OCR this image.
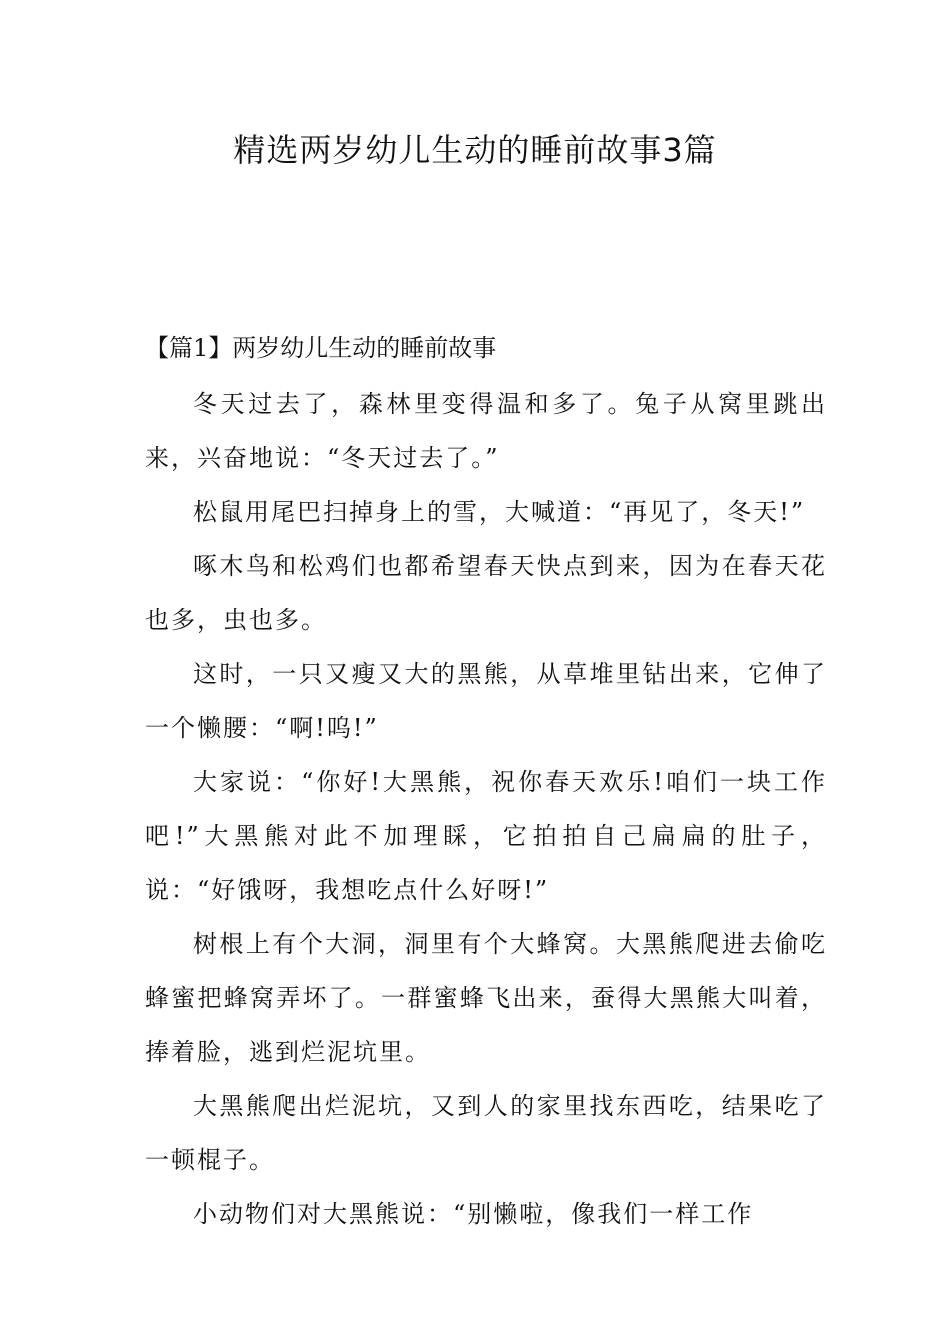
精选两岁幼儿生动的睡前故事3篇
【篇1】两岁幼儿生动的睡前故事

冬天过去了，森林里变得温和多了。兔子从窝里跳出来，兴奋地说：“冬天过去了。”

松鼠用尾巴扫掉身上的雪，大喊道：“再见了，冬天!”

啄木鸟和松鸡们也都希望春天快点到来，因为在春天花也多，虫也多。

这时，一只又瘦又大的黑熊，从草堆里钻出来，它伸了一个懒腰：“啊!呜!”

大家说：“你好!大黑熊，祝你春天欢乐!咱们一块工作吧!”大黑熊对此不加理睬，它拍拍自己扁扁的肚子，说：“好饿呀，我想吃点什么好呀!”

树根上有个大洞，洞里有个大蜂窝。大黑熊爬进去偷吃蜂蜜把蜂窝弄坏了。一群蜜蜂飞出来，蚕得大黑熊大叫着，捧着脸，逃到烂泥坑里。

大黑熊爬出烂泥坑，又到人的家里找东西吃，结果吃了一顿棍子。

小动物们对大黑熊说：“别懒啦，像我们一样工作
